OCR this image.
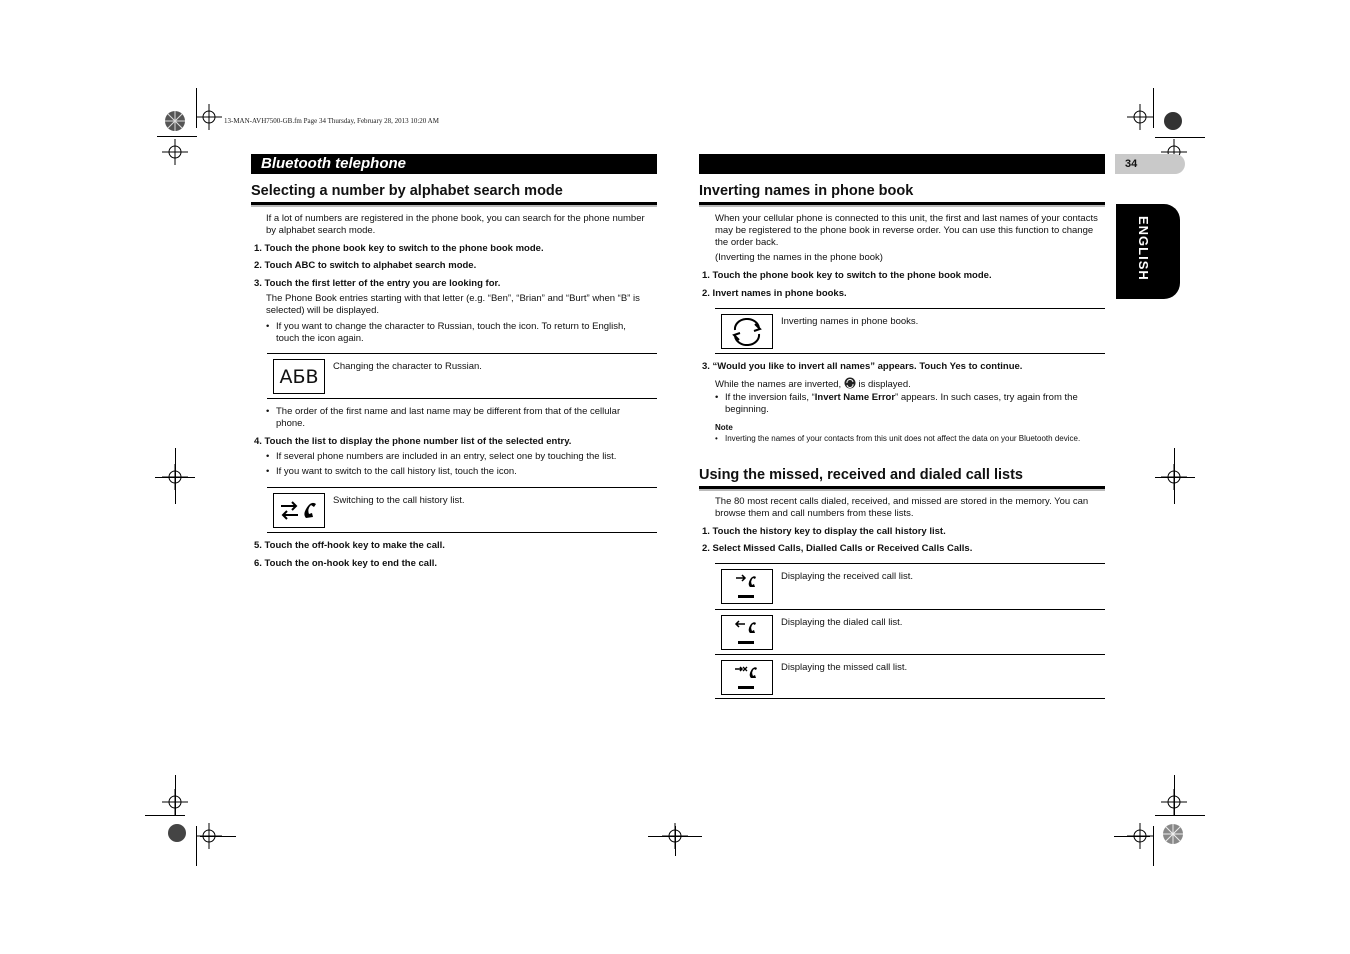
13-MAN-AVH7500-GB.fm Page 34 Thursday, February 28, 2013 10:20 AM
Bluetooth telephone	34
ENGLISH
Selecting a number by alphabet search mode
If a lot of numbers are registered in the phone book, you can search for the phone number by alphabet search mode.
1. Touch the phone book key to switch to the phone book mode.
2. Touch ABC to switch to alphabet search mode.
3. Touch the first letter of the entry you are looking for.
The Phone Book entries starting with that letter (e.g. “Ben”, “Brian” and “Burt” when “B” is selected) will be displayed.
• If you want to change the character to Russian, touch the icon. To return to English, touch the icon again.
АБВ Changing the character to Russian.
• The order of the first name and last name may be different from that of the cellular phone.
4. Touch the list to display the phone number list of the selected entry.
• If several phone numbers are included in an entry, select one by touching the list.
• If you want to switch to the call history list, touch the icon.
Switching to the call history list.
5. Touch the off-hook key to make the call.
6. Touch the on-hook key to end the call.
Inverting names in phone book
When your cellular phone is connected to this unit, the first and last names of your contacts may be registered to the phone book in reverse order. You can use this function to change the order back.
(Inverting the names in the phone book)
1. Touch the phone book key to switch to the phone book mode.
2. Invert names in phone books.
Inverting names in phone books.
3. “Would you like to invert all names” appears. Touch Yes to continue.
While the names are inverted, is displayed.
• If the inversion fails, “Invert Name Error” appears. In such cases, try again from the beginning.
Note
• Inverting the names of your contacts from this unit does not affect the data on your Bluetooth device.
Using the missed, received and dialed call lists
The 80 most recent calls dialed, received, and missed are stored in the memory. You can browse them and call numbers from these lists.
1. Touch the history key to display the call history list.
2. Select Missed Calls, Dialled Calls or Received Calls Calls.
Displaying the received call list.
Displaying the dialed call list.
Displaying the missed call list.
